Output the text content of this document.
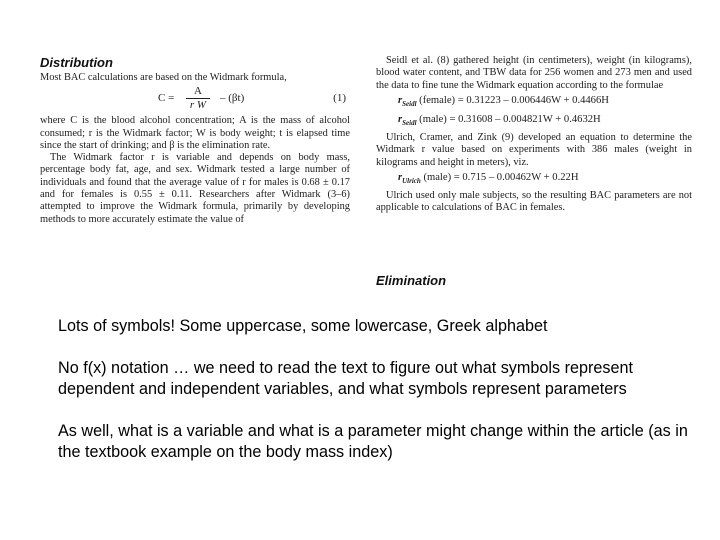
Distribution

Most BAC calculations are based on the Widmark formula,

$C = \frac{A}{\text{r W}} - (\beta t)$	(1)

where C is the blood alcohol concentration; A is the mass of alcohol consumed; r is the Widmark factor; W is body weight; t is elapsed time since the start of drinking; and β is the elimination rate.

The Widmark factor r is variable and depends on body mass, percentage body fat, age, and sex. Widmark tested a large number of individuals and found that the average value of r for males is 0.68 ± 0.17 and for females is 0.55 ± 0.11. Researchers after Widmark (3–6) attempted to improve the Widmark formula, primarily by developing methods to more accurately estimate the value of

Seidl et al. (8) gathered height (in centimeters), weight (in kilograms), blood water content, and TBW data for 256 women and 273 men and used the data to fine tune the Widmark equation according to the formulae

$r_{Seidl}$ (female) = 0.31223 – 0.006446W + 0.4466H
$r_{Seidl}$ (male) = 0.31608 – 0.004821W + 0.4632H

Ulrich, Cramer, and Zink (9) developed an equation to determine the Widmark r value based on experiments with 386 males (weight in kilograms and height in meters), viz.

$r_{Ulrich}$ (male) = 0.715 – 0.00462W + 0.22H

Ulrich used only male subjects, so the resulting BAC parameters are not applicable to calculations of BAC in females.

Elimination

Lots of symbols! Some uppercase, some lowercase, Greek alphabet

No f(x) notation … we need to read the text to figure out what symbols represent dependent and independent variables, and what symbols represent parameters

As well, what is a variable and what is a parameter might change within the article (as in the textbook example on the body mass index)
